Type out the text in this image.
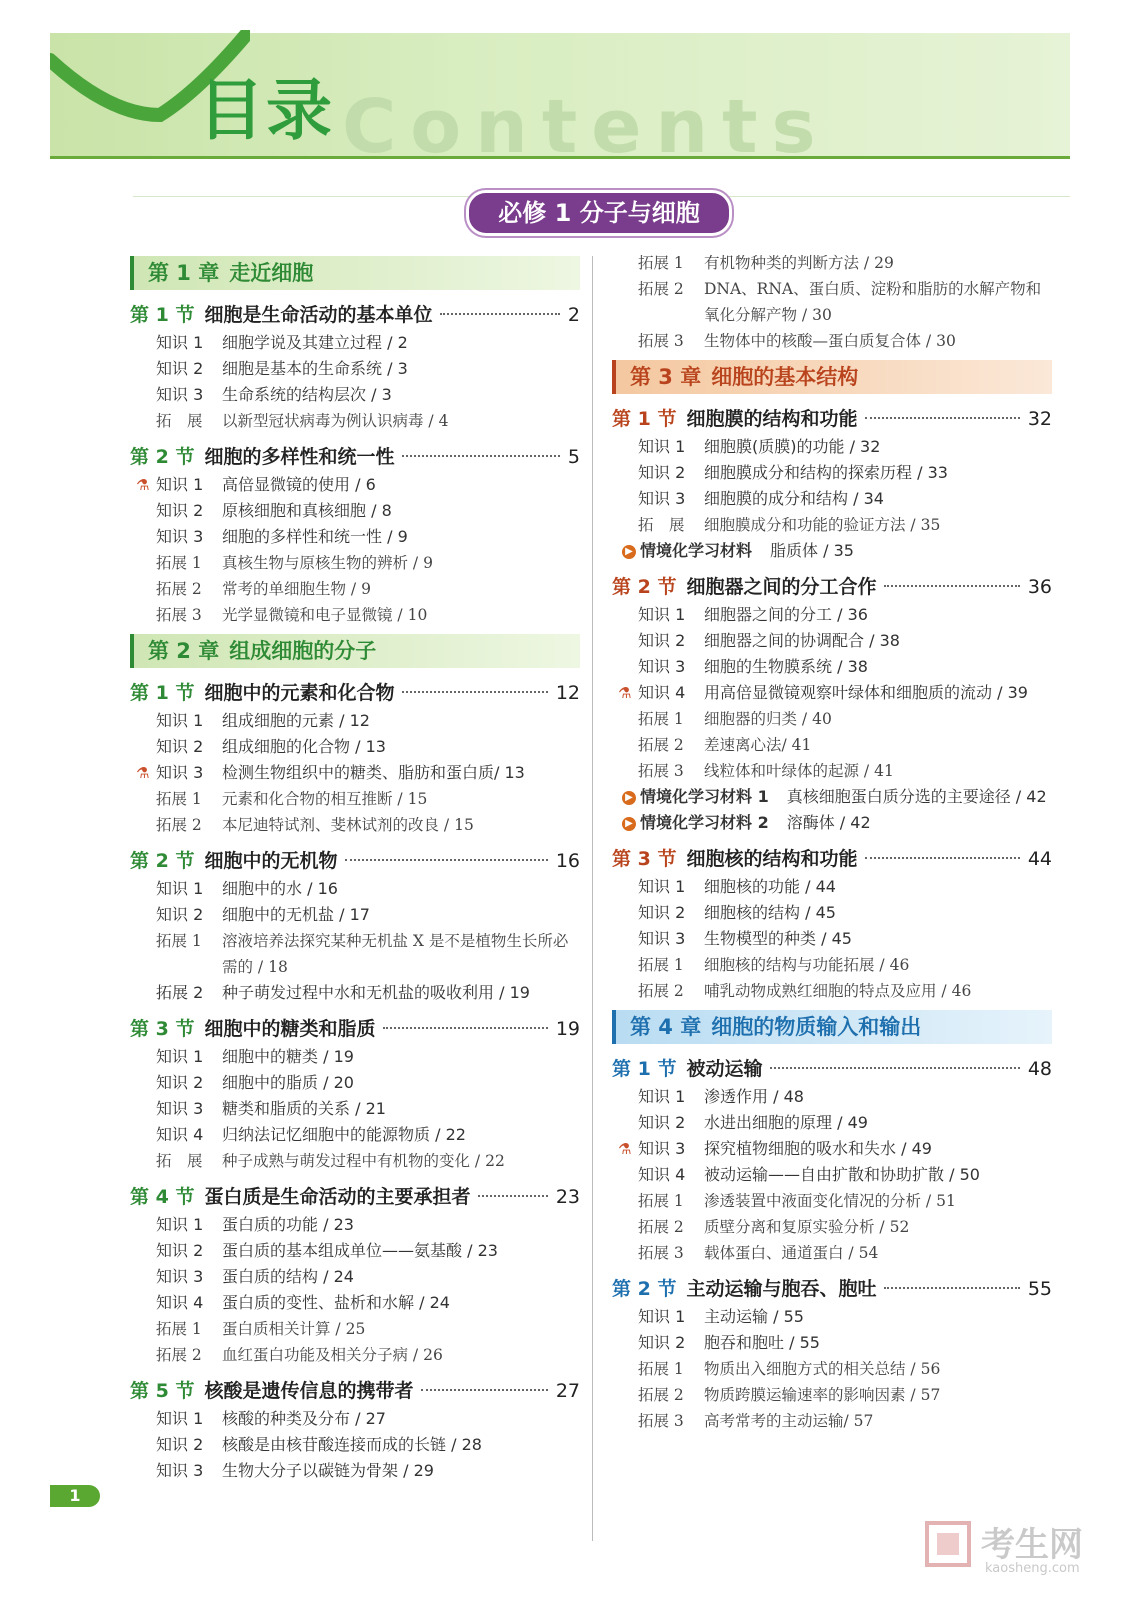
Contents
目录
必修 1 分子与细胞
第 1 章 走近细胞
第 1 节 细胞是生命活动的基本单位	2
知识 1	细胞学说及其建立过程 / 2
知识 2	细胞是基本的生命系统 / 3
知识 3	生命系统的结构层次 / 3
拓　展	以新型冠状病毒为例认识病毒 / 4
第 2 节 细胞的多样性和统一性	5
⚗ 知识 1	高倍显微镜的使用 / 6
知识 2	原核细胞和真核细胞 / 8
知识 3	细胞的多样性和统一性 / 9
拓展 1	真核生物与原核生物的辨析 / 9
拓展 2	常考的单细胞生物 / 9
拓展 3	光学显微镜和电子显微镜 / 10
第 2 章 组成细胞的分子
第 1 节 细胞中的元素和化合物	12
知识 1	组成细胞的元素 / 12
知识 2	组成细胞的化合物 / 13
⚗ 知识 3	检测生物组织中的糖类、脂肪和蛋白质/ 13
拓展 1	元素和化合物的相互推断 / 15
拓展 2	本尼迪特试剂、斐林试剂的改良 / 15
第 2 节 细胞中的无机物	16
知识 1	细胞中的水 / 16
知识 2	细胞中的无机盐 / 17
拓展 1	溶液培养法探究某种无机盐 X 是不是植物生长所必需的 / 18
拓展 2	种子萌发过程中水和无机盐的吸收利用 / 19
第 3 节 细胞中的糖类和脂质	19
知识 1	细胞中的糖类 / 19
知识 2	细胞中的脂质 / 20
知识 3	糖类和脂质的关系 / 21
知识 4	归纳法记忆细胞中的能源物质 / 22
拓　展	种子成熟与萌发过程中有机物的变化 / 22
第 4 节 蛋白质是生命活动的主要承担者	23
知识 1	蛋白质的功能 / 23
知识 2	蛋白质的基本组成单位——氨基酸 / 23
知识 3	蛋白质的结构 / 24
知识 4	蛋白质的变性、盐析和水解 / 24
拓展 1	蛋白质相关计算 / 25
拓展 2	血红蛋白功能及相关分子病 / 26
第 5 节 核酸是遗传信息的携带者	27
知识 1	核酸的种类及分布 / 27
知识 2	核酸是由核苷酸连接而成的长链 / 28
知识 3	生物大分子以碳链为骨架 / 29
拓展 1	有机物种类的判断方法 / 29
拓展 2	DNA、RNA、蛋白质、淀粉和脂肪的水解产物和氧化分解产物 / 30
拓展 3	生物体中的核酸—蛋白质复合体 / 30
第 3 章 细胞的基本结构
第 1 节 细胞膜的结构和功能	32
知识 1	细胞膜(质膜)的功能 / 32
知识 2	细胞膜成分和结构的探索历程 / 33
知识 3	细胞膜的成分和结构 / 34
拓　展	细胞膜成分和功能的验证方法 / 35
▶ 情境化学习材料 脂质体 / 35
第 2 节 细胞器之间的分工合作	36
知识 1	细胞器之间的分工 / 36
知识 2	细胞器之间的协调配合 / 38
知识 3	细胞的生物膜系统 / 38
⚗ 知识 4	用高倍显微镜观察叶绿体和细胞质的流动 / 39
拓展 1	细胞器的归类 / 40
拓展 2	差速离心法/ 41
拓展 3	线粒体和叶绿体的起源 / 41
▶ 情境化学习材料 1 真核细胞蛋白质分选的主要途径 / 42
▶ 情境化学习材料 2 溶酶体 / 42
第 3 节 细胞核的结构和功能	44
知识 1	细胞核的功能 / 44
知识 2	细胞核的结构 / 45
知识 3	生物模型的种类 / 45
拓展 1	细胞核的结构与功能拓展 / 46
拓展 2	哺乳动物成熟红细胞的特点及应用 / 46
第 4 章 细胞的物质输入和输出
第 1 节 被动运输	48
知识 1	渗透作用 / 48
知识 2	水进出细胞的原理 / 49
⚗ 知识 3	探究植物细胞的吸水和失水 / 49
知识 4	被动运输——自由扩散和协助扩散 / 50
拓展 1	渗透装置中液面变化情况的分析 / 51
拓展 2	质壁分离和复原实验分析 / 52
拓展 3	载体蛋白、通道蛋白 / 54
第 2 节 主动运输与胞吞、胞吐	55
知识 1	主动运输 / 55
知识 2	胞吞和胞吐 / 55
拓展 1	物质出入细胞方式的相关总结 / 56
拓展 2	物质跨膜运输速率的影响因素 / 57
拓展 3	高考常考的主动运输/ 57
1
考生网
kaosheng.com
